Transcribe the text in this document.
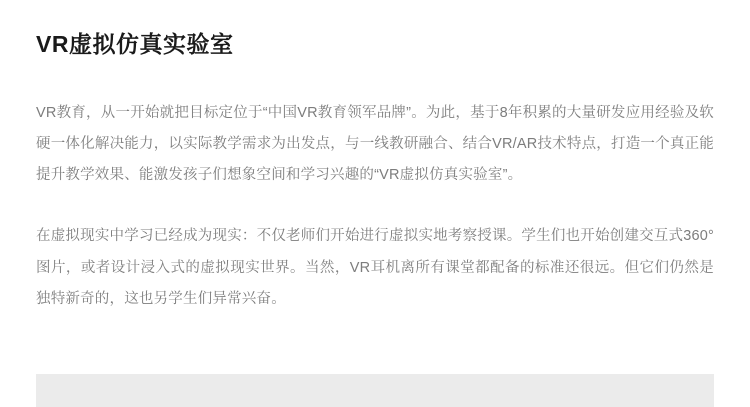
VR虚拟仿真实验室

VR教育，从一开始就把目标定位于“中国VR教育领军品牌”。为此，基于8年积累的大量研发应用经验及软硬一体化解决能力，以实际教学需求为出发点，与一线教研融合、结合VR/AR技术特点，打造一个真正能提升教学效果、能激发孩子们想象空间和学习兴趣的“VR虚拟仿真实验室”。

在虚拟现实中学习已经成为现实：不仅老师们开始进行虚拟实地考察授课。学生们也开始创建交互式360°图片，或者设计浸入式的虚拟现实世界。当然，VR耳机离所有课堂都配备的标准还很远。但它们仍然是独特新奇的，这也另学生们异常兴奋。
